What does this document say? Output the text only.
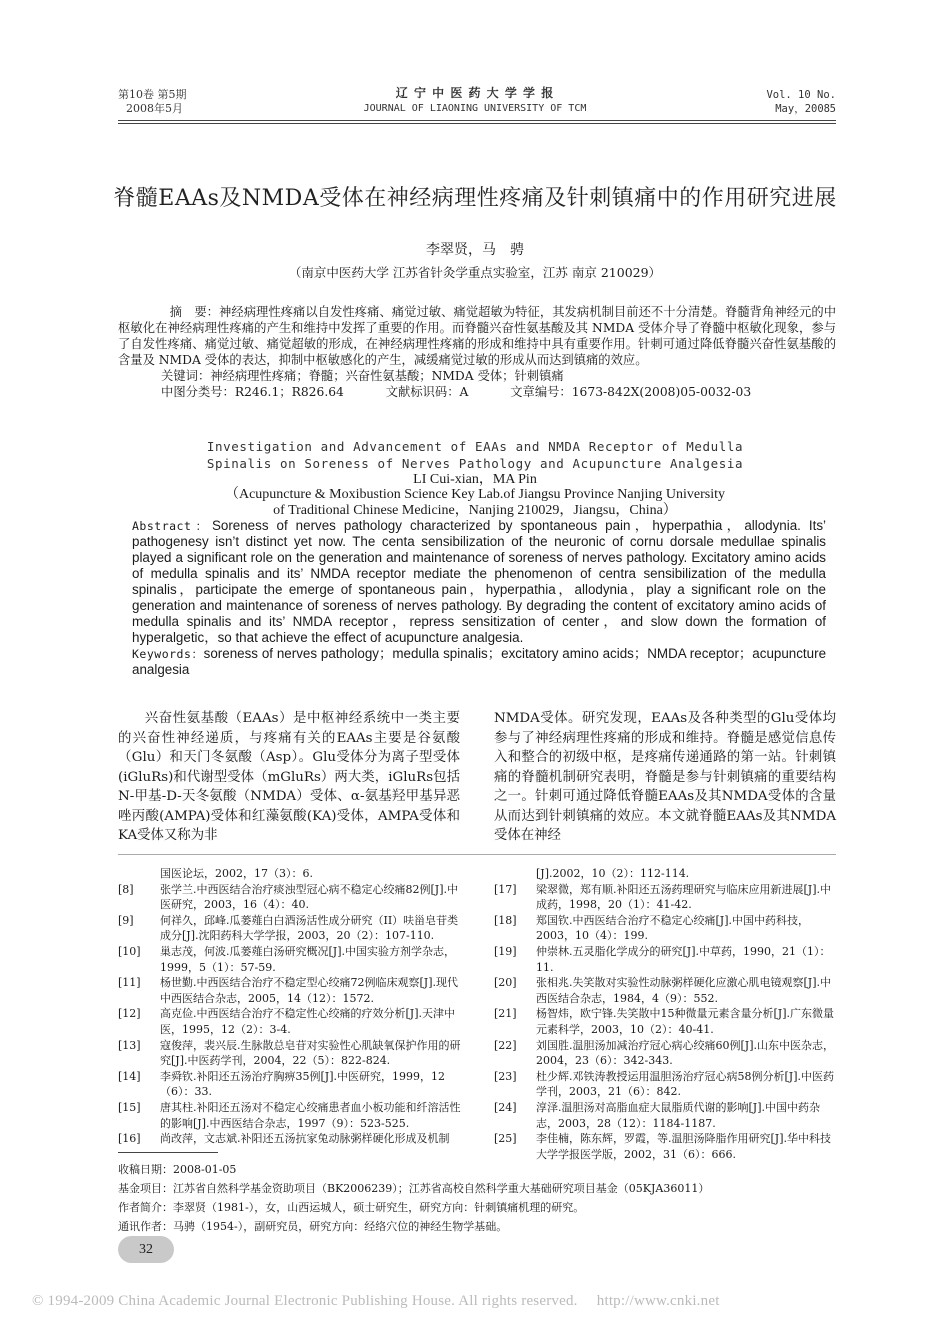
第10卷 第5期
2008年5月
辽 宁 中 医 药 大 学 学 报
JOURNAL OF LIAONING UNIVERSITY OF TCM
Vol. 10 No. 5
May，2008
脊髓EAAs及NMDA受体在神经病理性疼痛及针刺镇痛中的作用研究进展
李翠贤，马　骋
（南京中医药大学 江苏省针灸学重点实验室，江苏 南京 210029）

摘　要：神经病理性疼痛以自发性疼痛、痛觉过敏、痛觉超敏为特征，其发病机制目前还不十分清楚。脊髓背角神经元的中枢敏化在神经病理性疼痛的产生和维持中发挥了重要的作用。而脊髓兴奋性氨基酸及其 NMDA 受体介导了脊髓中枢敏化现象，参与了自发性疼痛、痛觉过敏、痛觉超敏的形成，在神经病理性疼痛的形成和维持中具有重要作用。针刺可通过降低脊髓兴奋性氨基酸的含量及 NMDA 受体的表达，抑制中枢敏感化的产生，减缓痛觉过敏的形成从而达到镇痛的效应。

关键词：神经病理性疼痛；脊髓；兴奋性氨基酸；NMDA 受体；针刺镇痛

中图分类号：R246.1；R826.64	文献标识码：A	文章编号：1673-842X(2008)05-0032-03

Investigation and Advancement of EAAs and NMDA Receptor of Medulla
Spinalis on Soreness of Nerves Pathology and Acupuncture Analgesia
LI Cui-xian，MA Pin
（Acupuncture & Moxibustion Science Key Lab.of Jiangsu Province Nanjing University
of Traditional Chinese Medicine，Nanjing 210029，Jiangsu，China）

Abstract：Soreness of nerves pathology characterized by spontaneous pain，hyperpathia，allodynia. Its’ pathogenesy isn’t distinct yet now. The centa sensibilization of the neuronic of cornu dorsale medullae spinalis played a significant role on the generation and maintenance of soreness of nerves pathology. Excitatory amino acids of medulla spinalis and its’ NMDA receptor mediate the phenomenon of centra sensibilization of the medulla spinalis，participate the emerge of spontaneous pain，hyperpathia，allodynia，play a significant role on the generation and maintenance of soreness of nerves pathology. By degrading the content of excitatory amino acids of medulla spinalis and its’ NMDA receptor，repress sensitization of center，and slow down the formation of hyperalgetic，so that achieve the effect of acupuncture analgesia.

Keywords：soreness of nerves pathology；medulla spinalis；excitatory amino acids；NMDA receptor；acupuncture analgesia

兴奋性氨基酸（EAAs）是中枢神经系统中一类主要的兴奋性神经递质，与疼痛有关的EAAs主要是谷氨酸（Glu）和天门冬氨酸（Asp）。Glu受体分为离子型受体(iGluRs)和代谢型受体（mGluRs）两大类，iGluRs包括N-甲基-D-天冬氨酸（NMDA）受体、α-氨基羟甲基异恶唑丙酸(AMPA)受体和红藻氨酸(KA)受体，AMPA受体和KA受体又称为非

NMDA受体。研究发现，EAAs及各种类型的Glu受体均参与了神经病理性疼痛的形成和维持。脊髓是感觉信息传入和整合的初级中枢，是疼痛传递通路的第一站。针刺镇痛的脊髓机制研究表明，脊髓是参与针刺镇痛的重要结构之一。针刺可通过降低脊髓EAAs及其NMDA受体的含量从而达到针刺镇痛的效应。本文就脊髓EAAs及其NMDA受体在神经

国医论坛，2002，17（3）：6.
[8]	张学兰.中西医结合治疗痰浊型冠心病不稳定心绞痛82例[J].中医研究，2003，16（4）：40.
[9]	何祥久，邱峰.瓜蒌薤白白酒汤活性成分研究（II）呋甾皂苷类成分[J].沈阳药科大学学报，2003，20（2）：107-110.
[10]	巢志茂，何波.瓜蒌薤白汤研究概况[J].中国实验方剂学杂志，1999，5（1）：57-59.
[11]	杨世勤.中西医结合治疗不稳定型心绞痛72例临床观察[J].现代中西医结合杂志，2005，14（12）：1572.
[12]	高克俭.中西医结合治疗不稳定性心绞痛的疗效分析[J].天津中医，1995，12（2）：3-4.
[13]	寇俊萍，裴兴辰.生脉散总皂苷对实验性心肌缺氧保护作用的研究[J].中医药学刊，2004，22（5）：822-824.
[14]	李舜钦.补阳还五汤治疗胸痹35例[J].中医研究，1999，12（6）：33.
[15]	唐其柱.补阳还五汤对不稳定心绞痛患者血小板功能和纤溶活性的影响[J].中西医结合杂志，1997（9）：523-525.
[16]	尚改萍，文志斌.补阳还五汤抗家兔动脉粥样硬化形成及机制
[J].2002，10（2）：112-114.
[17]	梁翠微，郑有顺.补阳还五汤药理研究与临床应用新进展[J].中成药，1998，20（1）：41-42.
[18]	郑国钦.中西医结合治疗不稳定心绞痛[J].中国中药科技，2003，10（4）：199.
[19]	仲崇林.五灵脂化学成分的研究[J].中草药，1990，21（1）：11.
[20]	张相兆.失笑散对实验性动脉粥样硬化应激心肌电镜观察[J].中西医结合杂志，1984，4（9）：552.
[21]	杨智炜，欧宁锋.失笑散中15种微量元素含量分析[J].广东微量元素科学，2003，10（2）：40-41.
[22]	刘国胜.温胆汤加减治疗冠心病心绞痛60例[J].山东中医杂志，2004，23（6）：342-343.
[23]	杜少辉.邓铁涛教授运用温胆汤治疗冠心病58例分析[J].中医药学刊，2003，21（6）：842.
[24]	淳泽.温胆汤对高脂血症大鼠脂质代谢的影响[J].中国中药杂志，2003，28（12）：1184-1187.
[25]	李佳楠，陈东辉，罗霞，等.温胆汤降脂作用研究[J].华中科技大学学报医学版，2002，31（6）：666.

收稿日期：2008-01-05

基金项目：江苏省自然科学基金资助项目（BK2006239）；江苏省高校自然科学重大基础研究项目基金（05KJA36011）

作者简介：李翠贤（1981-），女，山西运城人，硕士研究生，研究方向：针刺镇痛机理的研究。

通讯作者：马骋（1954-），副研究员，研究方向：经络穴位的神经生物学基础。

32
© 1994-2009 China Academic Journal Electronic Publishing House. All rights reserved.　 http://www.cnki.net
